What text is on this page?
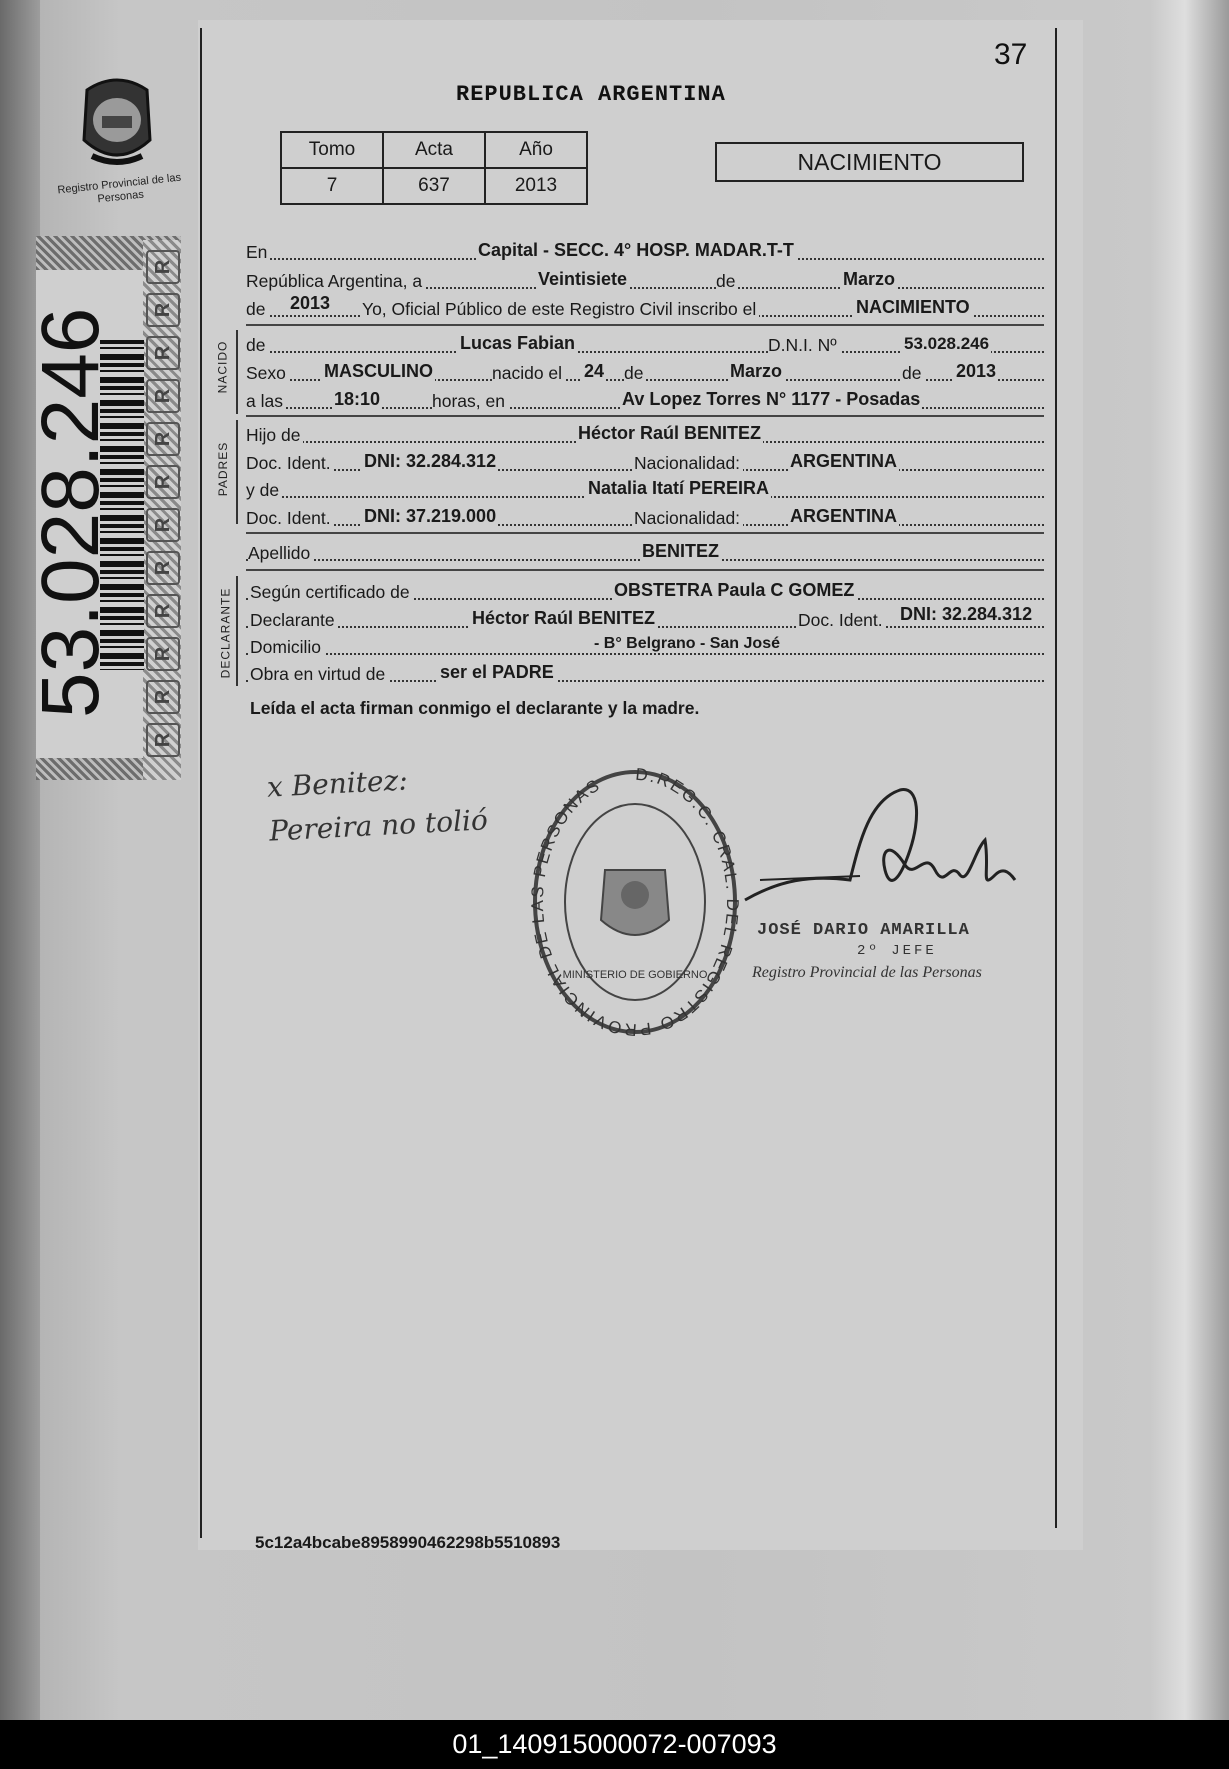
Registro Provincial de las Personas
R
R
R
R
R
R
R
R
R
R
R
R
53.028.246
37
REPUBLICA ARGENTINA
Tomo	Acta	Año
7	637	2013
NACIMIENTO
En	Capital - SECC. 4° HOSP. MADAR.T-T
República Argentina, a	Veintisiete	de	Marzo
de 2013 Yo, Oficial Público de este Registro Civil inscribo el	NACIMIENTO
NACIDO de	Lucas Fabian	D.N.I. Nº	53.028.246
Sexo MASCULINO	nacido el 24 de	Marzo	de 2013
a las	18:10	horas, en	Av Lopez Torres N° 1177 - Posadas
PADRES
Hijo de	Héctor Raúl BENITEZ
Doc. Ident. DNI: 32.284.312	Nacionalidad:	ARGENTINA
y de	Natalia Itatí PEREIRA
Doc. Ident. DNI: 37.219.000	Nacionalidad:	ARGENTINA
Apellido	BENITEZ
DECLARANTE Según certificado de	OBSTETRA Paula C GOMEZ
Declarante	Héctor Raúl BENITEZ	Doc. Ident. DNI: 32.284.312
Domicilio	- B° Belgrano - San José
Obra en virtud de	ser el PADRE
Leída el acta firman conmigo el declarante y la madre.
x Benitez:
Pereira no tolió
D.REG.C. CRAL. DEL REGISTRO PROVINCIAL DE LAS PERSONAS
MINISTERIO DE GOBIERNO
JOSÉ DARIO AMARILLA
2º JEFE
Registro Provincial de las Personas
5c12a4bcabe8958990462298b5510893
01_140915000072-007093
